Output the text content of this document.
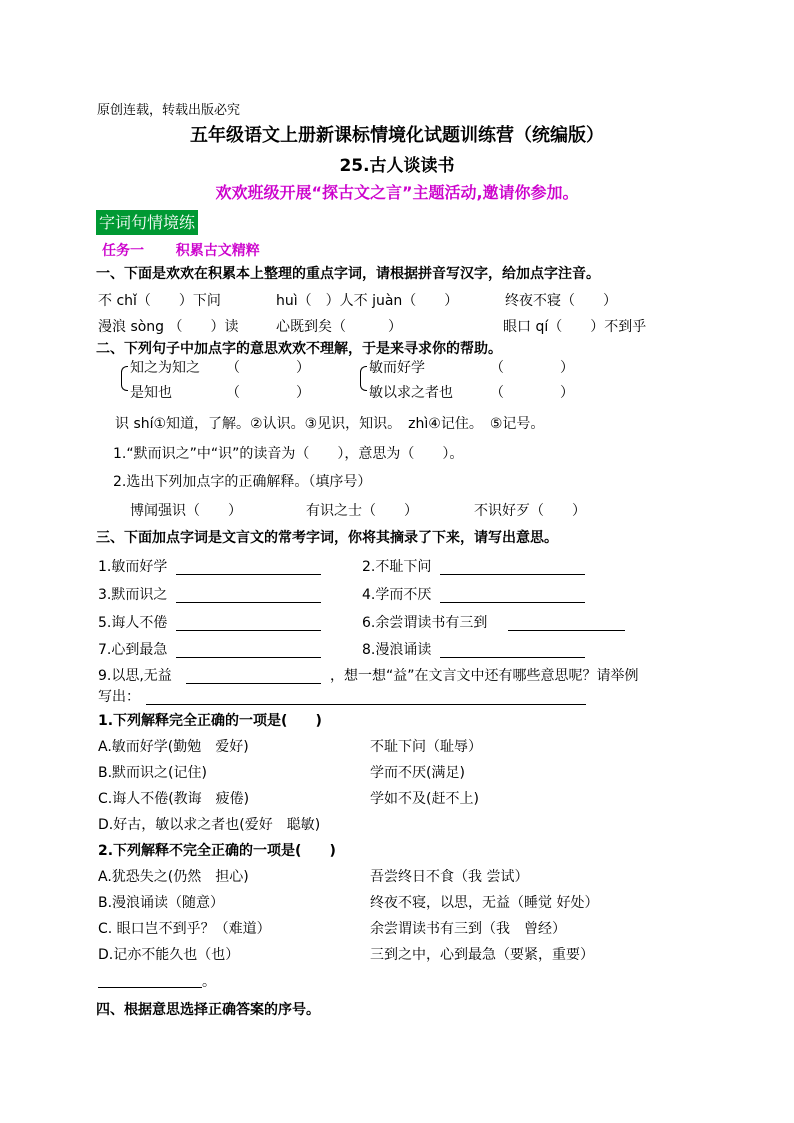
原创连载，转载出版必究
五年级语文上册新课标情境化试题训练营（统编版）
25.古人谈读书
欢欢班级开展“探古文之言”主题活动,邀请你参加。
字词句情境练
任务一 积累古文精粹
一、下面是欢欢在积累本上整理的重点字词，请根据拼音写汉字，给加点字注音。
不 chǐ（　　）下问	huì（　）人不 juàn（　　）	终夜不寝（　　）
漫浪 sòng （　　）读	心既到矣（　　　）	眼口 qí（　　）不到乎
二、下列句子中加点字的意思欢欢不理解，于是来寻求你的帮助。
知之为知之 （　　　　）
是知也	（　　　　）
敏而好学	（　　　　）
敏以求之者也	（　　　　）
识 shí①知道，了解。②认识。③见识，知识。　zhì④记住。　⑤记号。
1.“默而识之”中“识”的读音为（　　），意思为（　　）。
2.选出下列加点字的正确解释。（填序号）
博闻强识（　　）	有识之士（　　）	不识好歹（　　）
三、下面加点字词是文言文的常考字词，你将其摘录了下来，请写出意思。
1.敏而好学	2.不耻下问
3.默而识之	4.学而不厌
5.诲人不倦	6.余尝谓读书有三到
7.心到最急	8.漫浪诵读
9.以思,无益	，想一想“益”在文言文中还有哪些意思呢？请举例
写出：
1.下列解释完全正确的一项是(　　)
A.敏而好学(勤勉　爱好)	不耻下问（耻辱）
B.默而识之(记住)	学而不厌(满足)
C.诲人不倦(教诲　疲倦)	学如不及(赶不上)
D.好古，敏以求之者也(爱好　聪敏)
2.下列解释不完全正确的一项是(　　)
A.犹恐失之(仍然　担心)	吾尝终日不食（我 尝试）
B.漫浪诵读（随意）	终夜不寝，以思，无益（睡觉 好处）
C. 眼口岂不到乎？（难道）	余尝谓读书有三到（我　曾经）
D.记亦不能久也（也）	三到之中，心到最急（要紧，重要）
。
四、根据意思选择正确答案的序号。
